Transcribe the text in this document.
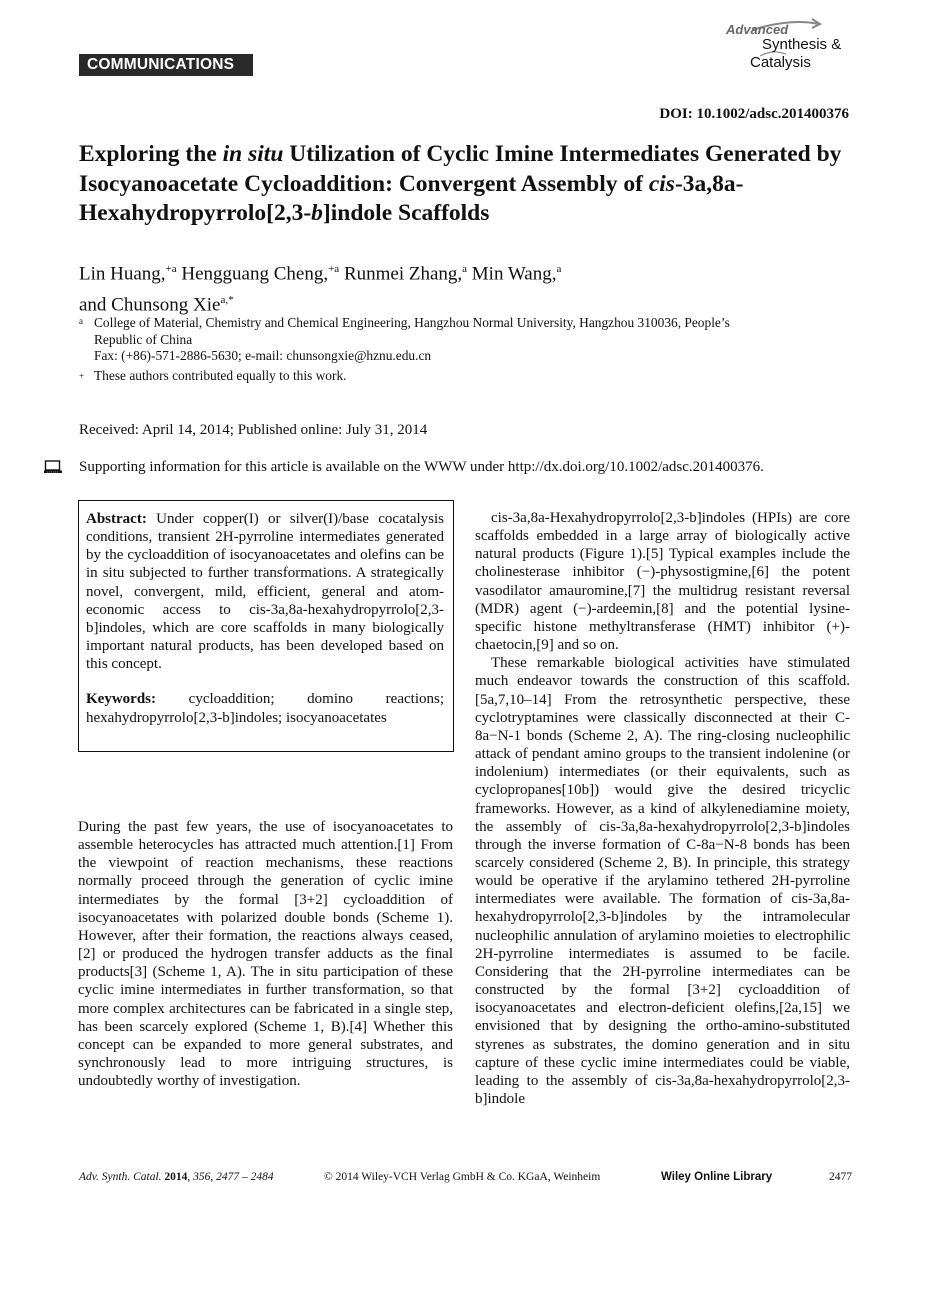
COMMUNICATIONS
Advanced
Synthesis &
Catalysis
DOI: 10.1002/adsc.201400376
Exploring the in situ Utilization of Cyclic Imine Intermediates Generated by Isocyanoacetate Cycloaddition: Convergent Assembly of cis-3a,8a-Hexahydropyrrolo[2,3-b]indole Scaffolds
Lin Huang,$^{+a}$ Hengguang Cheng,$^{+a}$ Runmei Zhang,$^a$ Min Wang,$^a$
and Chunsong Xie$^{a,*}$
a College of Material, Chemistry and Chemical Engineering, Hangzhou Normal University, Hangzhou 310036, People’s
Republic of China
Fax: (+86)-571-2886-5630; e-mail: chunsongxie@hznu.edu.cn
+ These authors contributed equally to this work.
Received: April 14, 2014; Published online: July 31, 2014
Supporting information for this article is available on the WWW under http://dx.doi.org/10.1002/adsc.201400376.

Abstract: Under copper(I) or silver(I)/base cocatalysis conditions, transient 2H-pyrroline intermediates generated by the cycloaddition of isocyanoacetates and olefins can be in situ subjected to further transformations. A strategically novel, convergent, mild, efficient, general and atom-economic access to cis-3a,8a-hexahydropyrrolo[2,3-b]indoles, which are core scaffolds in many biologically important natural products, has been developed based on this concept.

Keywords: cycloaddition; domino reactions; hexahydropyrrolo[2,3-b]indoles; isocyanoacetates

During the past few years, the use of isocyanoacetates to assemble heterocycles has attracted much attention.[1] From the viewpoint of reaction mechanisms, these reactions normally proceed through the generation of cyclic imine intermediates by the formal [3+2] cycloaddition of isocyanoacetates with polarized double bonds (Scheme 1). However, after their formation, the reactions always ceased,[2] or produced the hydrogen transfer adducts as the final products[3] (Scheme 1, A). The in situ participation of these cyclic imine intermediates in further transformation, so that more complex architectures can be fabricated in a single step, has been scarcely explored (Scheme 1, B).[4] Whether this concept can be expanded to more general substrates, and synchronously lead to more intriguing structures, is undoubtedly worthy of investigation.

cis-3a,8a-Hexahydropyrrolo[2,3-b]indoles (HPIs) are core scaffolds embedded in a large array of biologically active natural products (Figure 1).[5] Typical examples include the cholinesterase inhibitor (−)-physostigmine,[6] the potent vasodilator amauromine,[7] the multidrug resistant reversal (MDR) agent (−)-ardeemin,[8] and the potential lysine-specific histone methyltransferase (HMT) inhibitor (+)-chaetocin,[9] and so on.

These remarkable biological activities have stimulated much endeavor towards the construction of this scaffold.[5a,7,10–14] From the retrosynthetic perspective, these cyclotryptamines were classically disconnected at their C-8a−N-1 bonds (Scheme 2, A). The ring-closing nucleophilic attack of pendant amino groups to the transient indolenine (or indolenium) intermediates (or their equivalents, such as cyclopropanes[10b]) would give the desired tricyclic frameworks. However, as a kind of alkylenediamine moiety, the assembly of cis-3a,8a-hexahydropyrrolo[2,3-b]indoles through the inverse formation of C-8a−N-8 bonds has been scarcely considered (Scheme 2, B). In principle, this strategy would be operative if the arylamino tethered 2H-pyrroline intermediates were available. The formation of cis-3a,8a-hexahydropyrrolo[2,3-b]indoles by the intramolecular nucleophilic annulation of arylamino moieties to electrophilic 2H-pyrroline intermediates is assumed to be facile. Considering that the 2H-pyrroline intermediates can be constructed by the formal [3+2] cycloaddition of isocyanoacetates and electron-deficient olefins,[2a,15] we envisioned that by designing the ortho-amino-substituted styrenes as substrates, the domino generation and in situ capture of these cyclic imine intermediates could be viable, leading to the assembly of cis-3a,8a-hexahydropyrrolo[2,3-b]indole

Adv. Synth. Catal. 2014, 356, 2477 – 2484	© 2014 Wiley-VCH Verlag GmbH & Co. KGaA, Weinheim	Wiley Online Library	2477
